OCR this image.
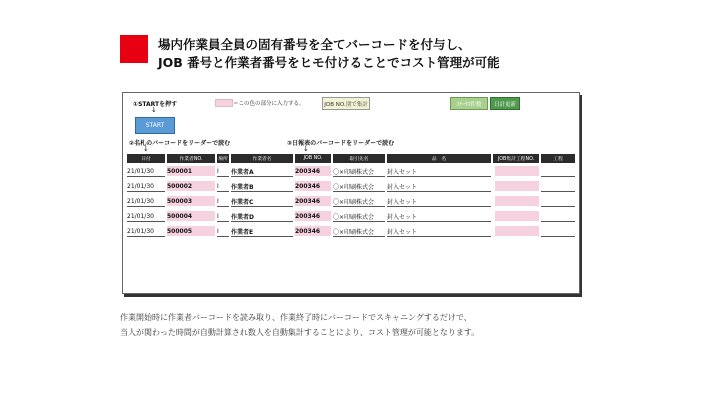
場内作業員全員の固有番号を全てバーコードを付与し、
JOB 番号と作業者番号をヒモ付けることでコスト管理が可能
①STARTを押す
↓
＝この色の部分に入力する。	JOB NO.別で集計	ｽﾃｰﾀｽ件数	日計更新
START
②名札のバーコードをリーダーで読む
↓
③日報表のバーコードをリーダーで読む
↓
日付	作業者NO.	場所	作業者名	JOB NO.	取引先名	品　名	JOB集計工程NO.	工程
21/01/30	500001	I	作業者A	200346	〇×印刷株式会	封入セット
21/01/30	500002	I	作業者B	200346	〇×印刷株式会	封入セット
21/01/30	500003	I	作業者C	200346	〇×印刷株式会	封入セット
21/01/30	500004	I	作業者D	200346	〇×印刷株式会	封入セット
21/01/30	500005	I	作業者E	200346	〇×印刷株式会	封入セット
作業開始時に作業者バーコードを読み取り、作業終了時にバーコードでスキャニングするだけで、
当人が関わった時間が自動計算され数人を自動集計することにより、コスト管理が可能となります。
